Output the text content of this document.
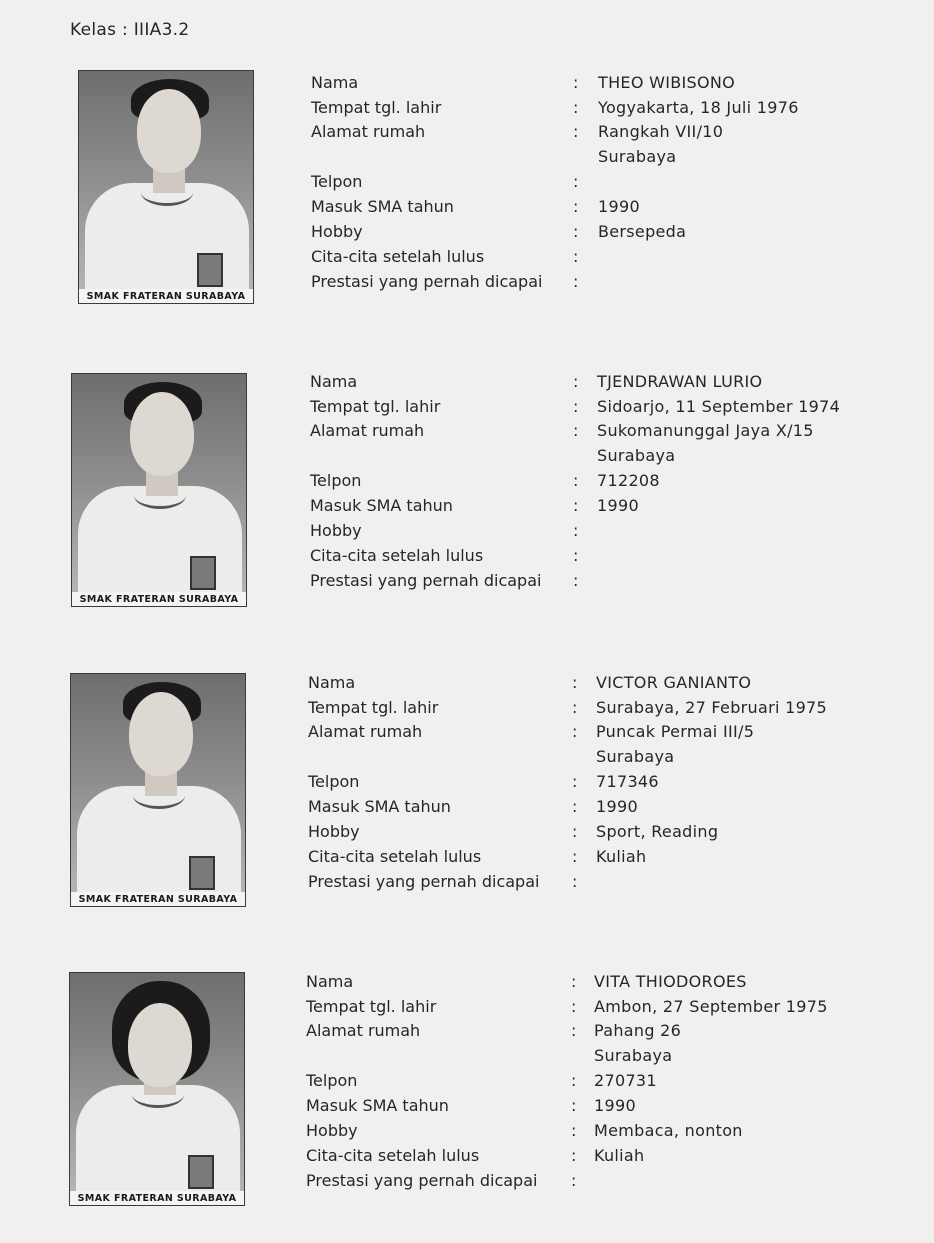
Kelas : IIIA3.2
SMAK FRATERAN SURABAYA
Nama	: THEO WIBISONO
Tempat tgl. lahir	: Yogyakarta, 18 Juli 1976
Alamat rumah	: Rangkah VII/10
Surabaya
Telpon	:
Masuk SMA tahun	: 1990
Hobby	: Bersepeda
Cita-cita setelah lulus	:
Prestasi yang pernah dicapai :
SMAK FRATERAN SURABAYA
Nama	: TJENDRAWAN LURIO
Tempat tgl. lahir	: Sidoarjo, 11 September 1974
Alamat rumah	: Sukomanunggal Jaya X/15
Surabaya
Telpon	: 712208
Masuk SMA tahun	: 1990
Hobby	:
Cita-cita setelah lulus	:
Prestasi yang pernah dicapai :
SMAK FRATERAN SURABAYA
Nama	: VICTOR GANIANTO
Tempat tgl. lahir	: Surabaya, 27 Februari 1975
Alamat rumah	: Puncak Permai III/5
Surabaya
Telpon	: 717346
Masuk SMA tahun	: 1990
Hobby	: Sport, Reading
Cita-cita setelah lulus	: Kuliah
Prestasi yang pernah dicapai :
SMAK FRATERAN SURABAYA
Nama	: VITA THIODOROES
Tempat tgl. lahir	: Ambon, 27 September 1975
Alamat rumah	: Pahang 26
Surabaya
Telpon	: 270731
Masuk SMA tahun	: 1990
Hobby	: Membaca, nonton
Cita-cita setelah lulus	: Kuliah
Prestasi yang pernah dicapai :
